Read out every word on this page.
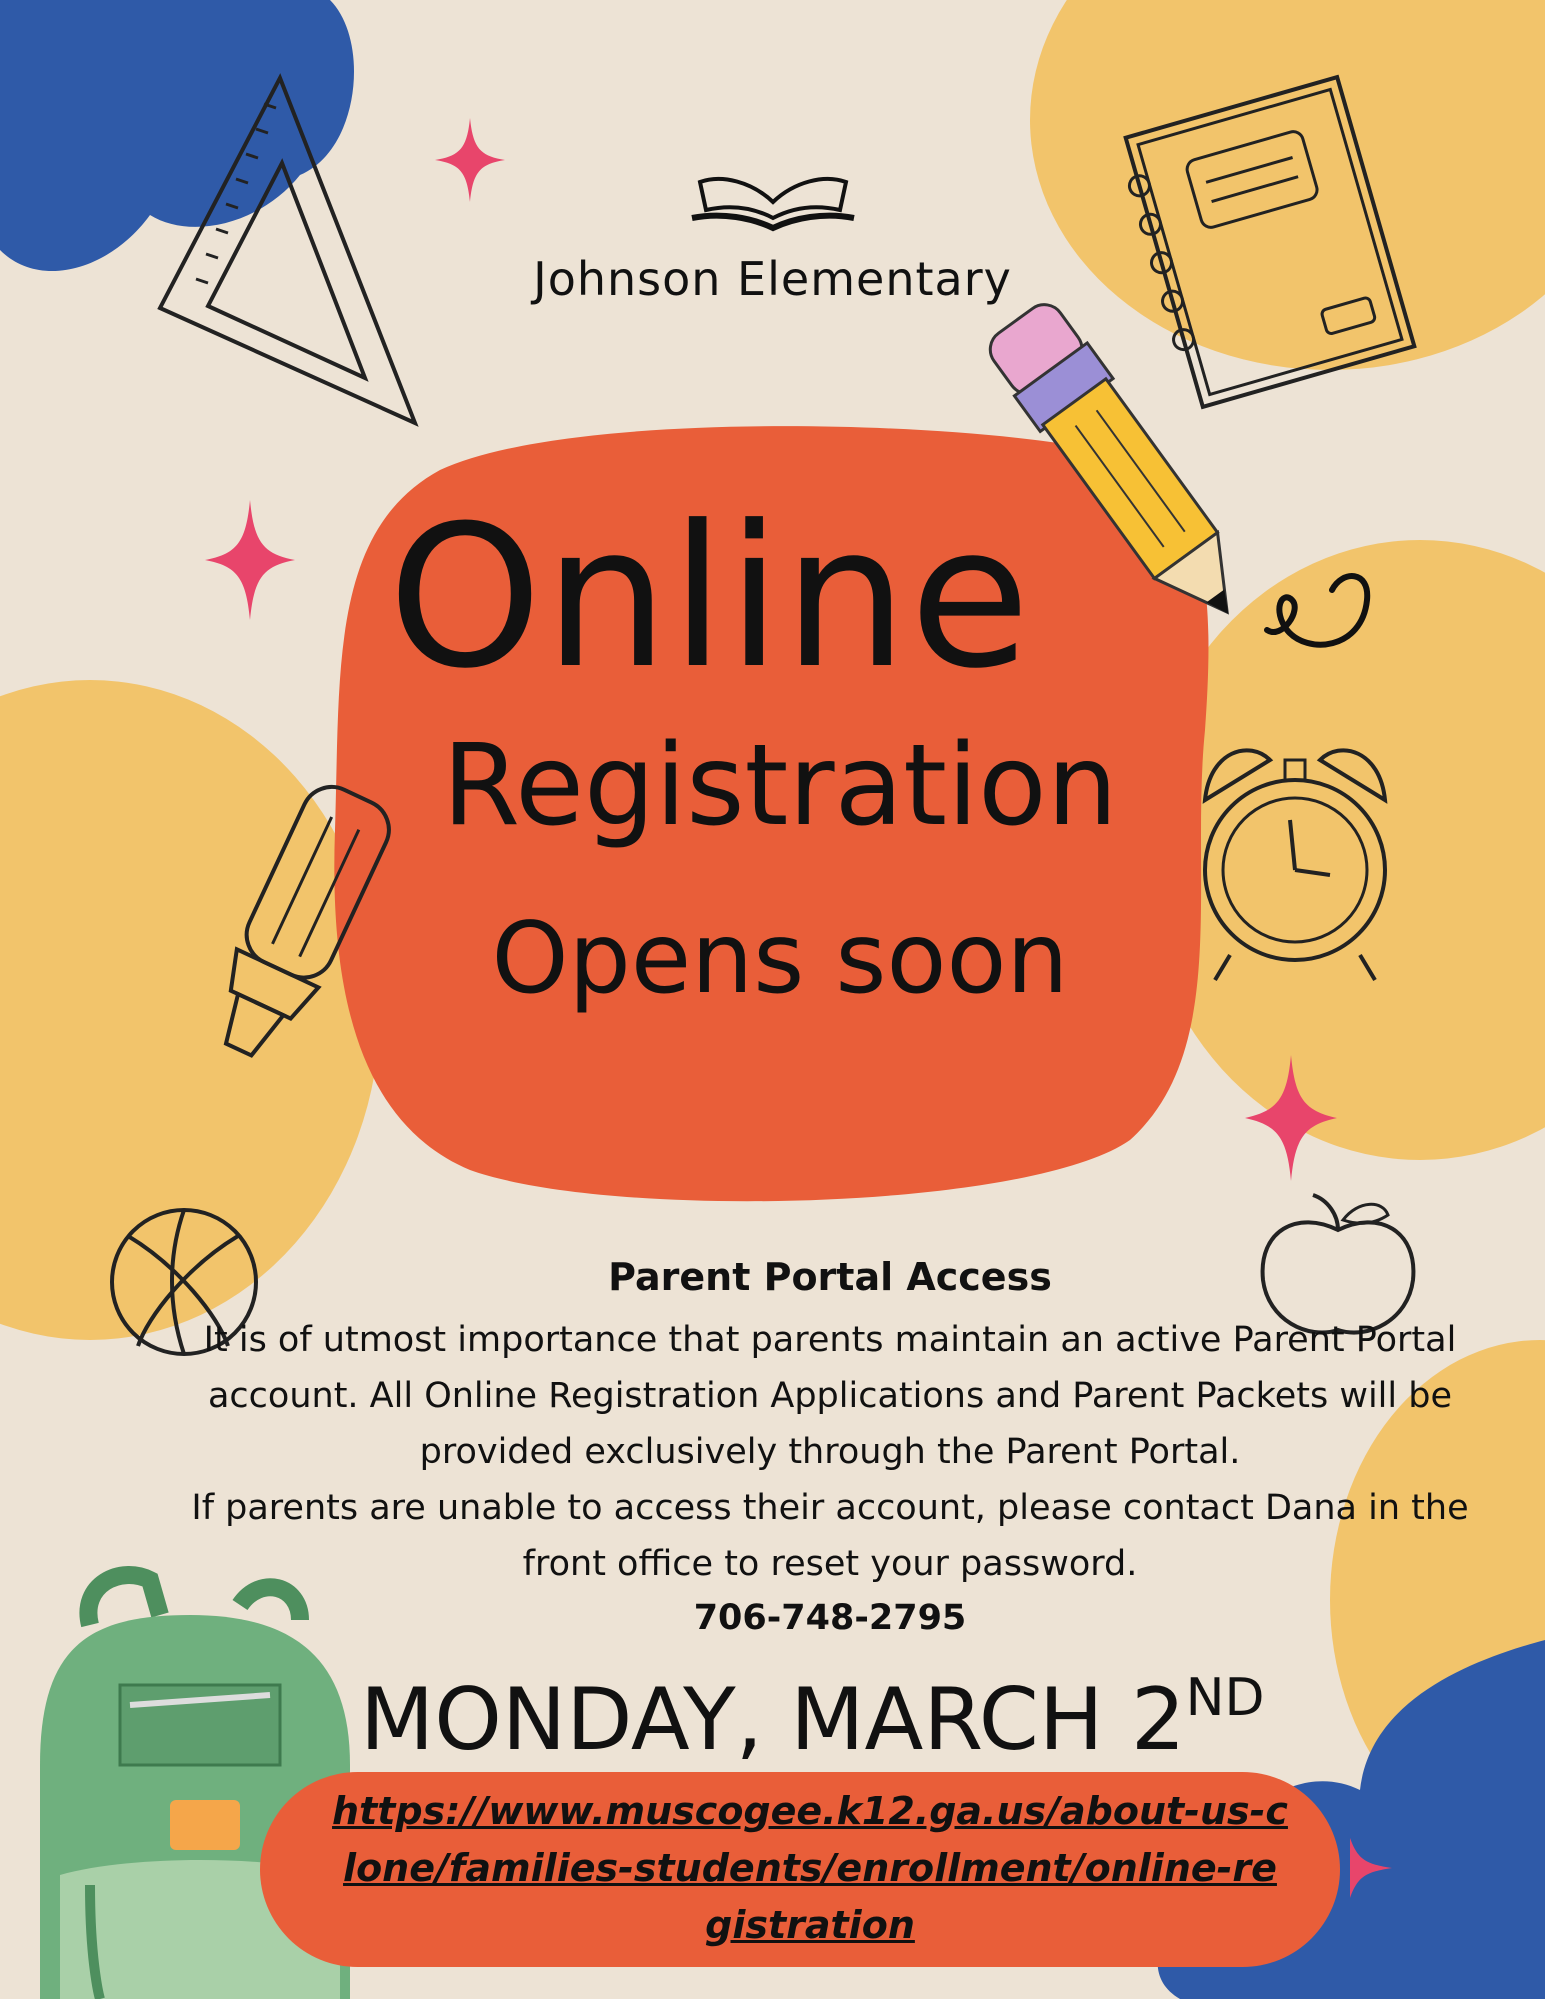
Johnson Elementary
Online
Registration
Opens soon
Parent Portal Access
It is of utmost importance that parents maintain an active Parent Portal account. All Online Registration Applications and Parent Packets will be provided exclusively through the Parent Portal.
If parents are unable to access their account, please contact Dana in the front office to reset your password.
706-748-2795
MONDAY, MARCH 2ND
https://www.muscogee.k12.ga.us/about-us-clone/families-students/enrollment/online-registration
